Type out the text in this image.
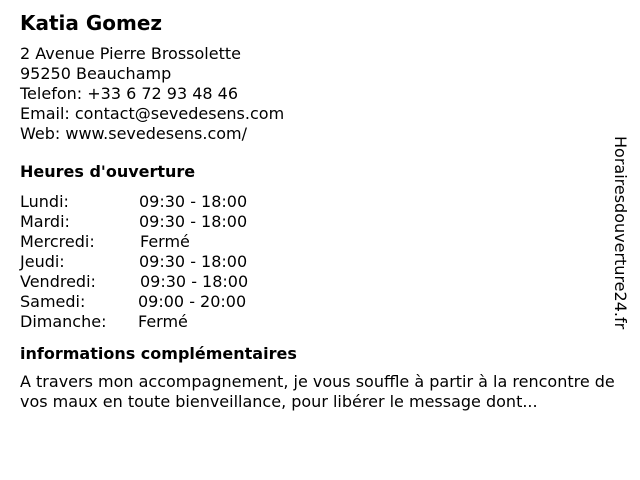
Katia Gomez
2 Avenue Pierre Brossolette
95250 Beauchamp
Telefon: +33 6 72 93 48 46
Email: contact@sevedesens.com
Web: www.sevedesens.com/
Heures d'ouverture
Lundi:	09:30 - 18:00
Mardi:	09:30 - 18:00
Mercredi:	Fermé
Jeudi:	09:30 - 18:00
Vendredi:	09:30 - 18:00
Samedi:	09:00 - 20:00
Dimanche:	Fermé
informations complémentaires
A travers mon accompagnement, je vous souffle à partir à la rencontre de vos maux en toute bienveillance, pour libérer le message dont...
Horairesdouverture24.fr
